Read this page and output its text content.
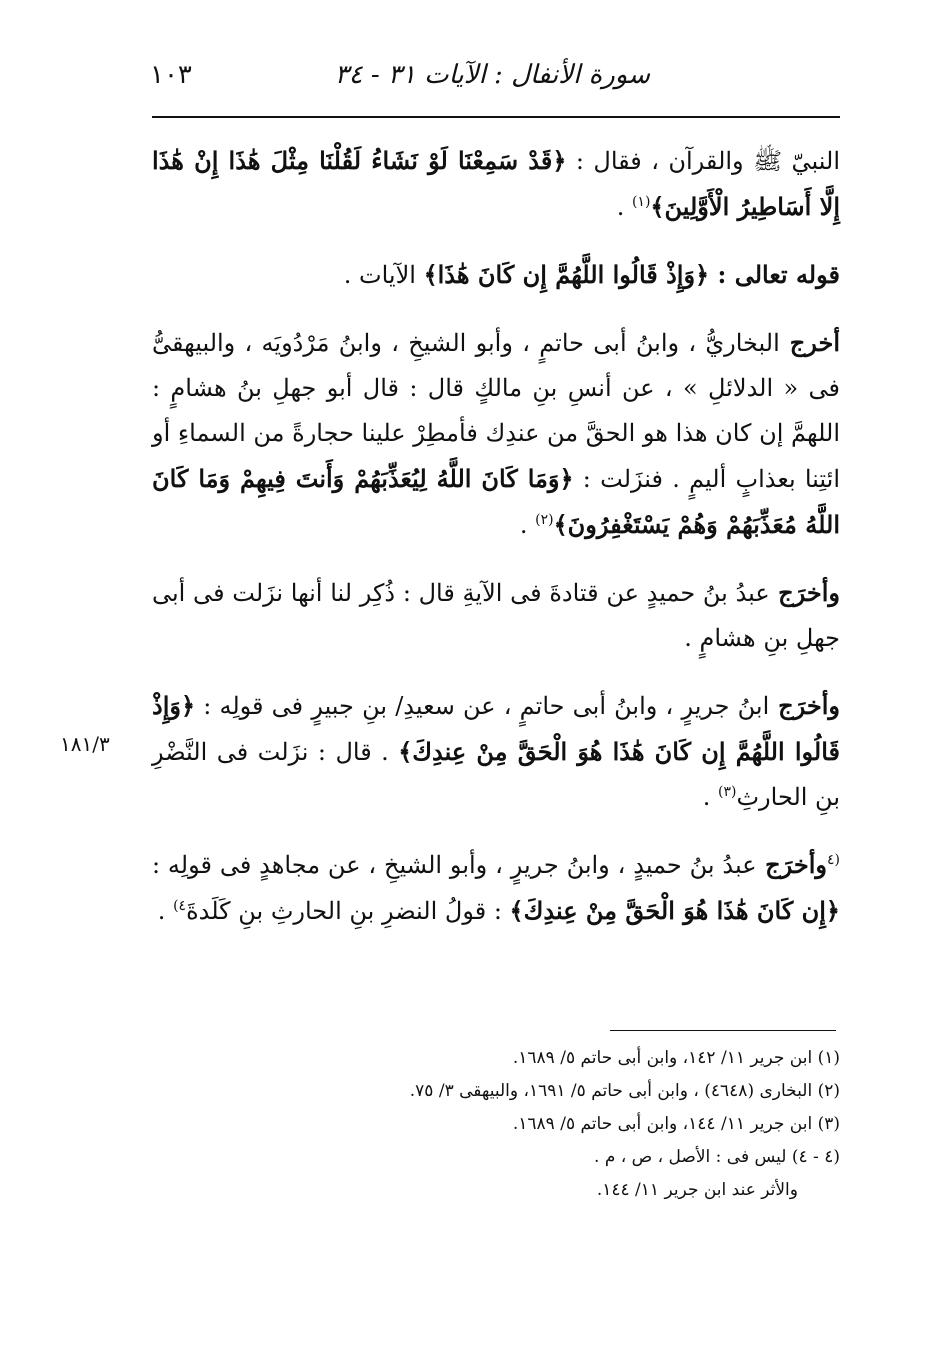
سورة الأنفال : الآيات ٣١ - ٣٤
١٠٣
١٨١/٣

النبيّ ﷺ والقرآن ، فقال : ﴿قَدْ سَمِعْنَا لَوْ نَشَاءُ لَقُلْنَا مِثْلَ هَٰذَا إِنْ هَٰذَا إِلَّا أَسَاطِيرُ الْأَوَّلِينَ﴾$^{(١)}$ .

قوله تعالى : ﴿وَإِذْ قَالُوا اللَّهُمَّ إِن كَانَ هَٰذَا﴾ الآيات .

أخرج البخاريُّ ، وابنُ أبى حاتمٍ ، وأبو الشيخِ ، وابنُ مَرْدُويَه ، والبيهقىُّ فى « الدلائلِ » ، عن أنسِ بنِ مالكٍ قال : قال أبو جهلِ بنُ هشامٍ : اللهمَّ إن كان هذا هو الحقَّ من عندِك فأمطِرْ علينا حجارةً من السماءِ أو ائتِنا بعذابٍ أليمٍ . فنزَلت : ﴿وَمَا كَانَ اللَّهُ لِيُعَذِّبَهُمْ وَأَنتَ فِيهِمْ وَمَا كَانَ اللَّهُ مُعَذِّبَهُمْ وَهُمْ يَسْتَغْفِرُونَ﴾$^{(٢)}$ .

وأخرَج عبدُ بنُ حميدٍ عن قتادةَ فى الآيةِ قال : ذُكِر لنا أنها نزَلت فى أبى جهلِ بنِ هشامٍ .

وأخرَج ابنُ جريرٍ ، وابنُ أبى حاتمٍ ، عن سعيدِ/ بنِ جبيرٍ فى قولِه : ﴿وَإِذْ قَالُوا اللَّهُمَّ إِن كَانَ هَٰذَا هُوَ الْحَقَّ مِنْ عِندِكَ﴾ . قال : نزَلت فى النَّضْرِ بنِ الحارثِ$^{(٣)}$ .

$^{(٤}$وأخرَج عبدُ بنُ حميدٍ ، وابنُ جريرٍ ، وأبو الشيخِ ، عن مجاهدٍ فى قولِه : ﴿إِن كَانَ هَٰذَا هُوَ الْحَقَّ مِنْ عِندِكَ﴾ : قولُ النضرِ بنِ الحارثِ بنِ كَلَدةَ$^{٤)}$ .

(١) ابن جرير ١١/ ١٤٢، وابن أبى حاتم ٥/ ١٦٨٩.

(٢) البخارى (٤٦٤٨) ، وابن أبى حاتم ٥/ ١٦٩١، والبيهقى ٣/ ٧٥.

(٣) ابن جرير ١١/ ١٤٤، وابن أبى حاتم ٥/ ١٦٨٩.

(٤ - ٤) ليس فى : الأصل ، ص ، م .

والأثر عند ابن جرير ١١/ ١٤٤.
